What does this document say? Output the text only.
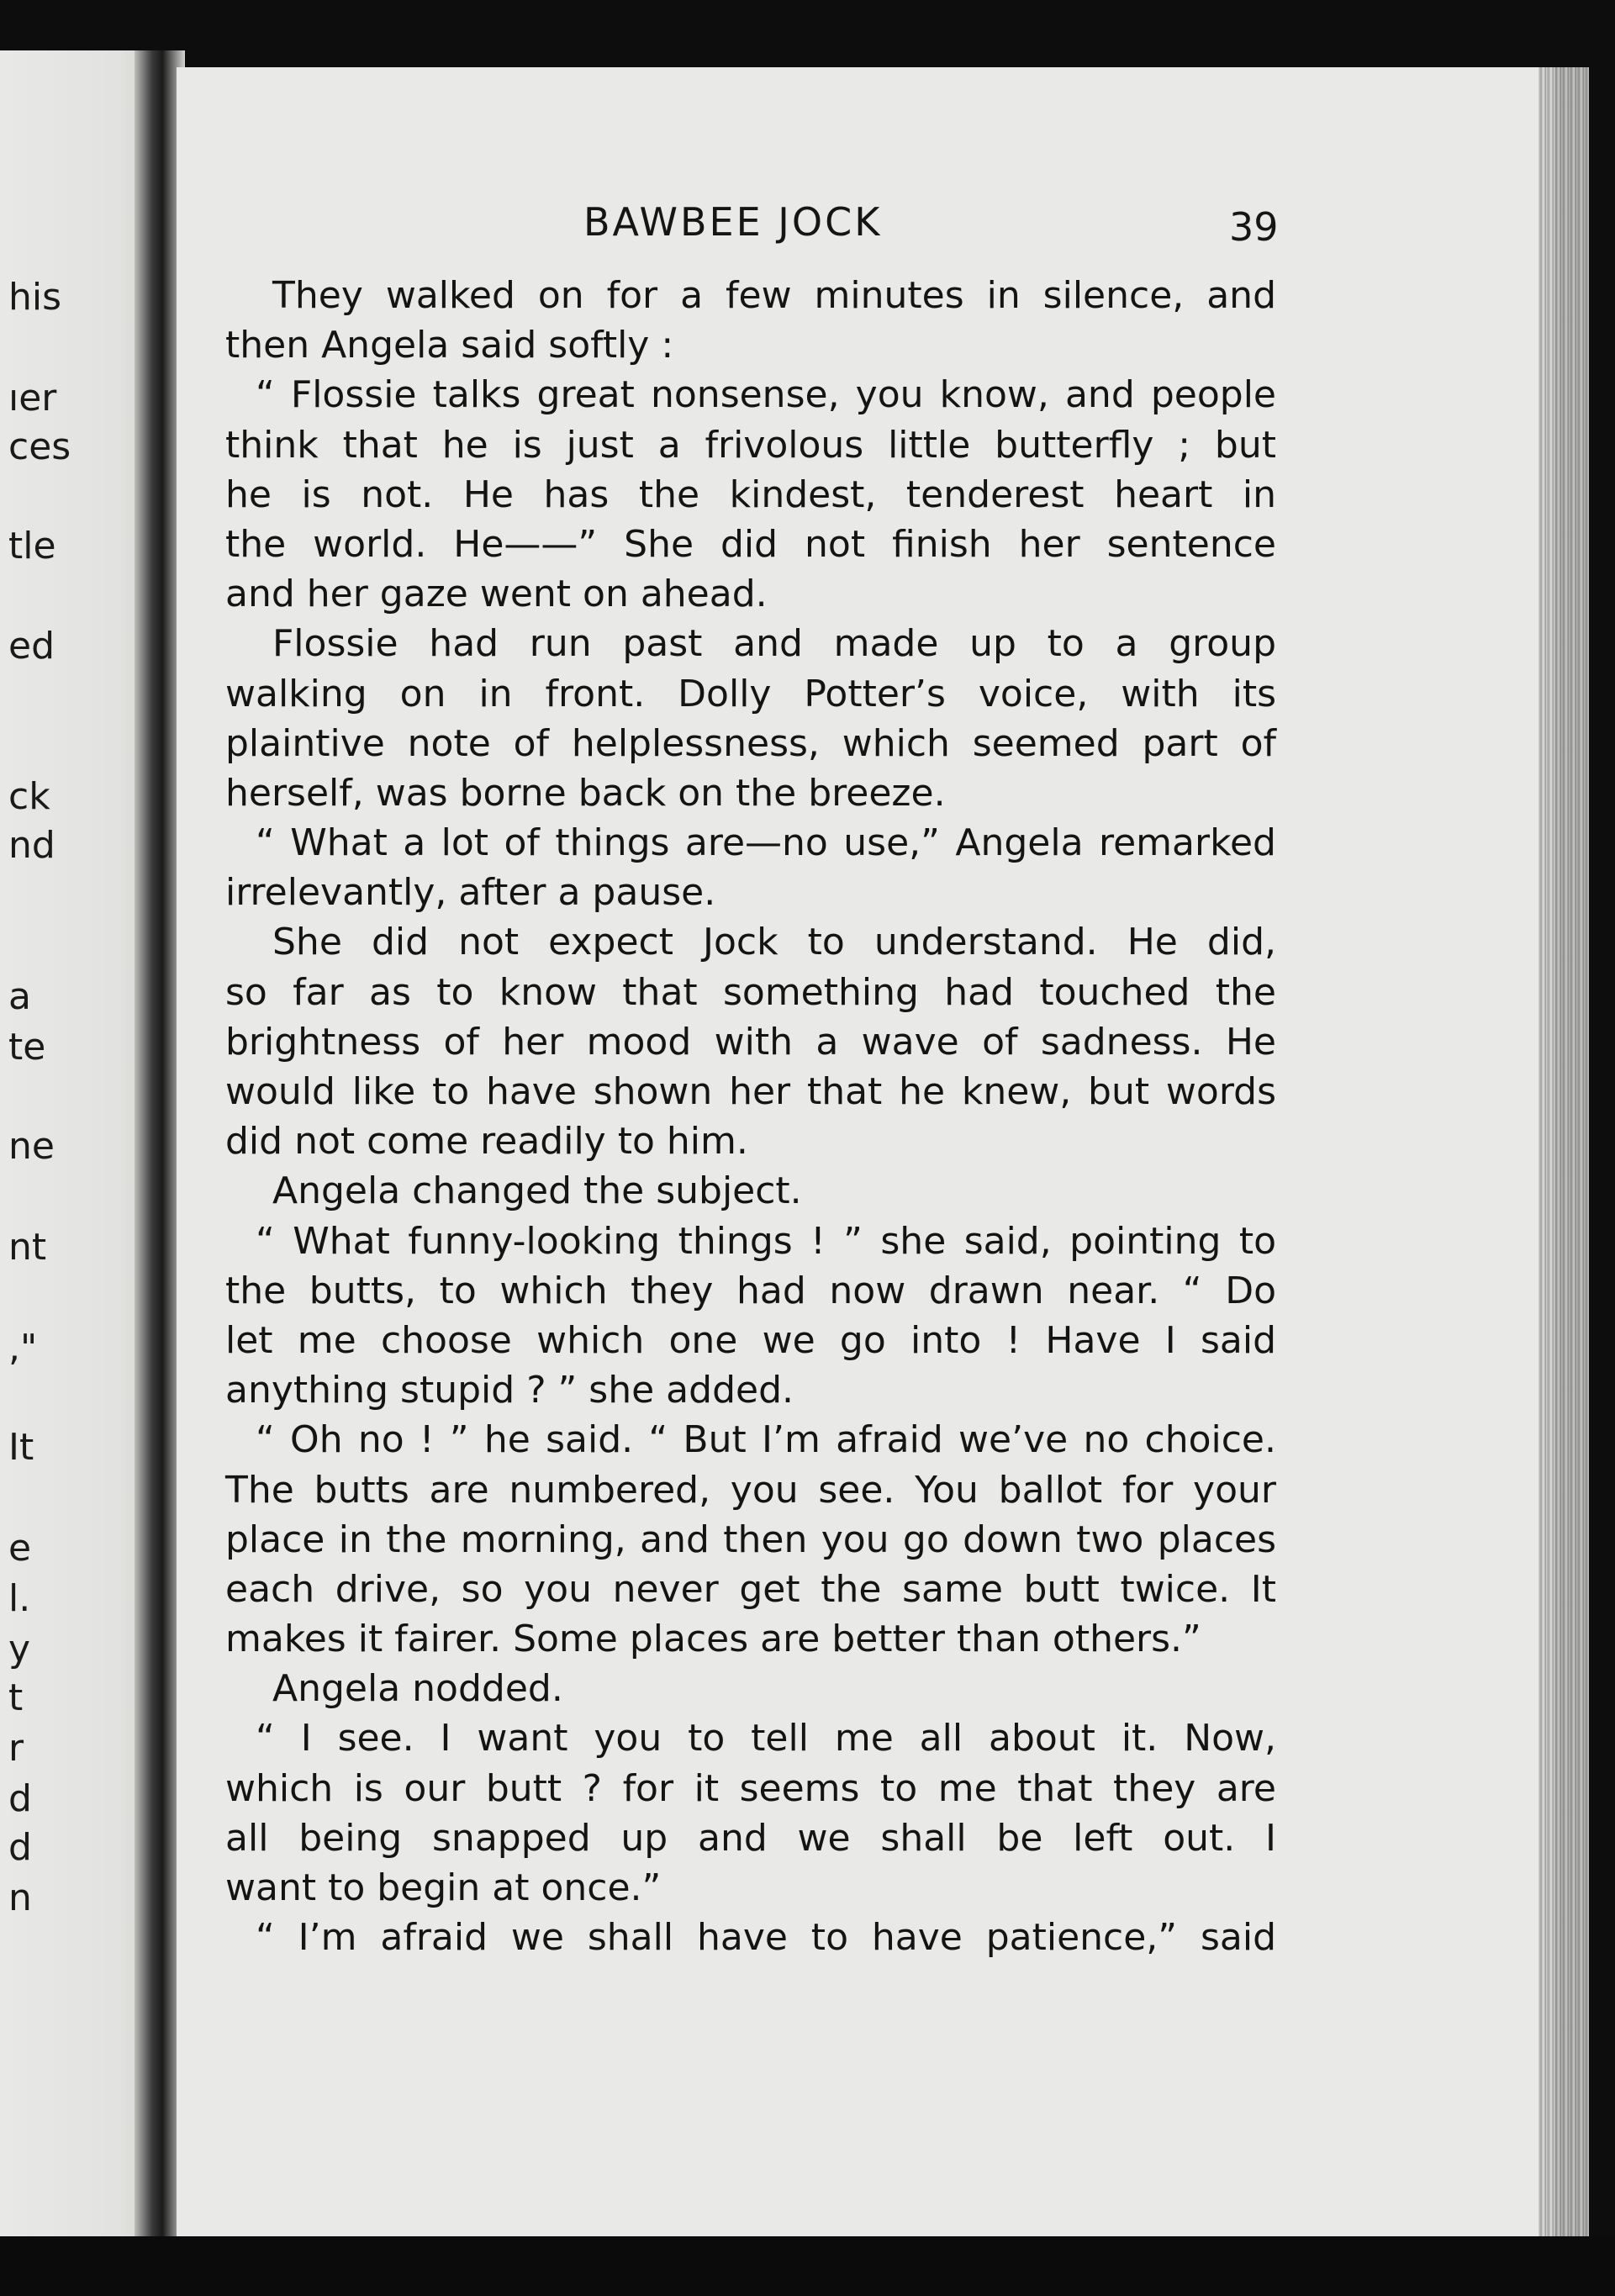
his
ıer
ces
tle
ed
ck
nd
a
te
ne
nt
,"
It
e
l.
y
t
r
d
d
n
BAWBEE JOCK	39
They walked on for a few minutes in silence, and
then Angela said softly :
“ Flossie talks great nonsense, you know, and people
think that he is just a frivolous little butterfly ; but
he is not. He has the kindest, tenderest heart in
the world. He——” She did not finish her sentence
and her gaze went on ahead.
Flossie had run past and made up to a group
walking on in front. Dolly Potter’s voice, with its
plaintive note of helplessness, which seemed part of
herself, was borne back on the breeze.
“ What a lot of things are—no use,” Angela remarked
irrelevantly, after a pause.
She did not expect Jock to understand. He did,
so far as to know that something had touched the
brightness of her mood with a wave of sadness. He
would like to have shown her that he knew, but words
did not come readily to him.
Angela changed the subject.
“ What funny-looking things ! ” she said, pointing to
the butts, to which they had now drawn near. “ Do
let me choose which one we go into ! Have I said
anything stupid ? ” she added.
“ Oh no ! ” he said. “ But I’m afraid we’ve no choice.
The butts are numbered, you see. You ballot for your
place in the morning, and then you go down two places
each drive, so you never get the same butt twice. It
makes it fairer. Some places are better than others.”
Angela nodded.
“ I see. I want you to tell me all about it. Now,
which is our butt ? for it seems to me that they are
all being snapped up and we shall be left out. I
want to begin at once.”
“ I’m afraid we shall have to have patience,” said
